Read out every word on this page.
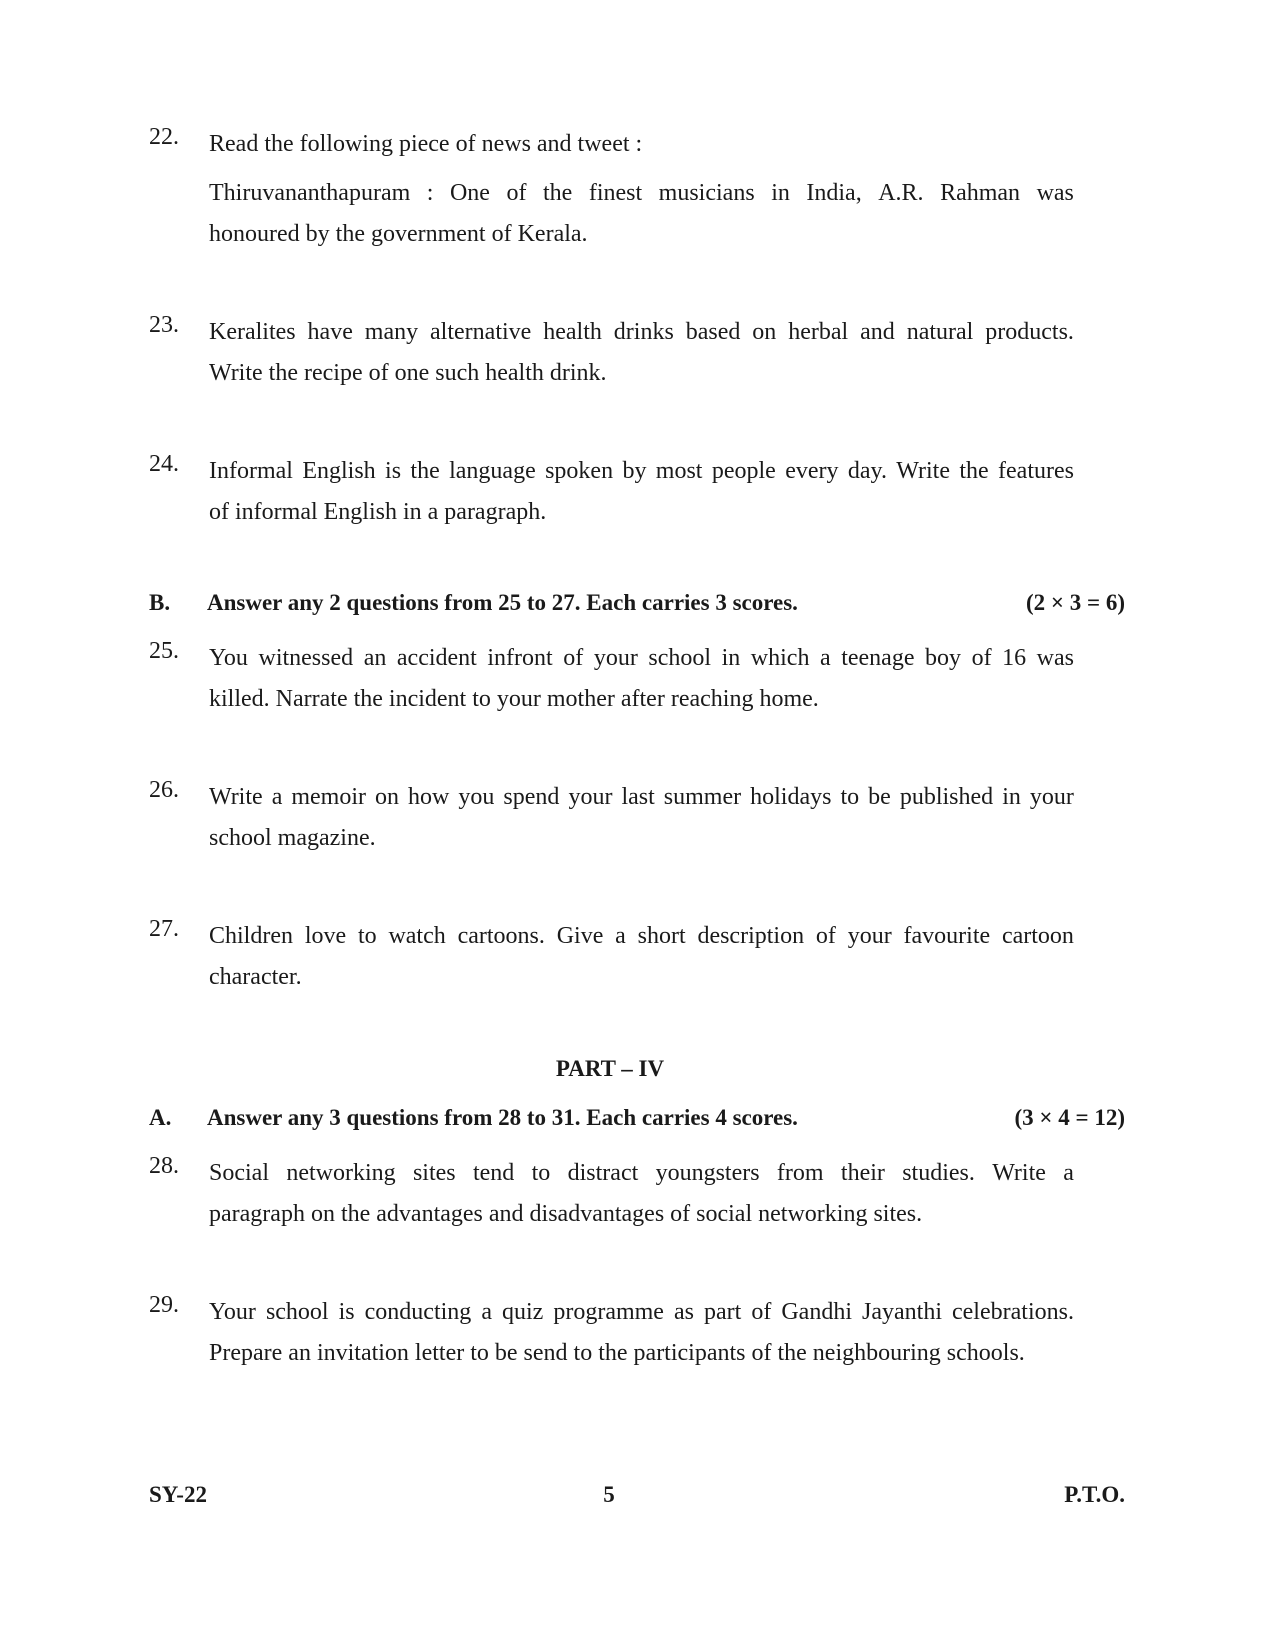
22. Read the following piece of news and tweet :
Thiruvananthapuram : One of the finest musicians in India, A.R. Rahman was
honoured by the government of Kerala.
23. Keralites have many alternative health drinks based on herbal and natural products.
Write the recipe of one such health drink.
24. Informal English is the language spoken by most people every day. Write the features
of informal English in a paragraph.
B. Answer any 2 questions from 25 to 27. Each carries 3 scores.	(2 × 3 = 6)
25. You witnessed an accident infront of your school in which a teenage boy of 16 was
killed. Narrate the incident to your mother after reaching home.
26. Write a memoir on how you spend your last summer holidays to be published in your
school magazine.
27. Children love to watch cartoons. Give a short description of your favourite cartoon
character.
PART – IV
A. Answer any 3 questions from 28 to 31. Each carries 4 scores.	(3 × 4 = 12)
28. Social networking sites tend to distract youngsters from their studies. Write a
paragraph on the advantages and disadvantages of social networking sites.
29. Your school is conducting a quiz programme as part of Gandhi Jayanthi celebrations.
Prepare an invitation letter to be send to the participants of the neighbouring schools.
SY-22	5	P.T.O.
